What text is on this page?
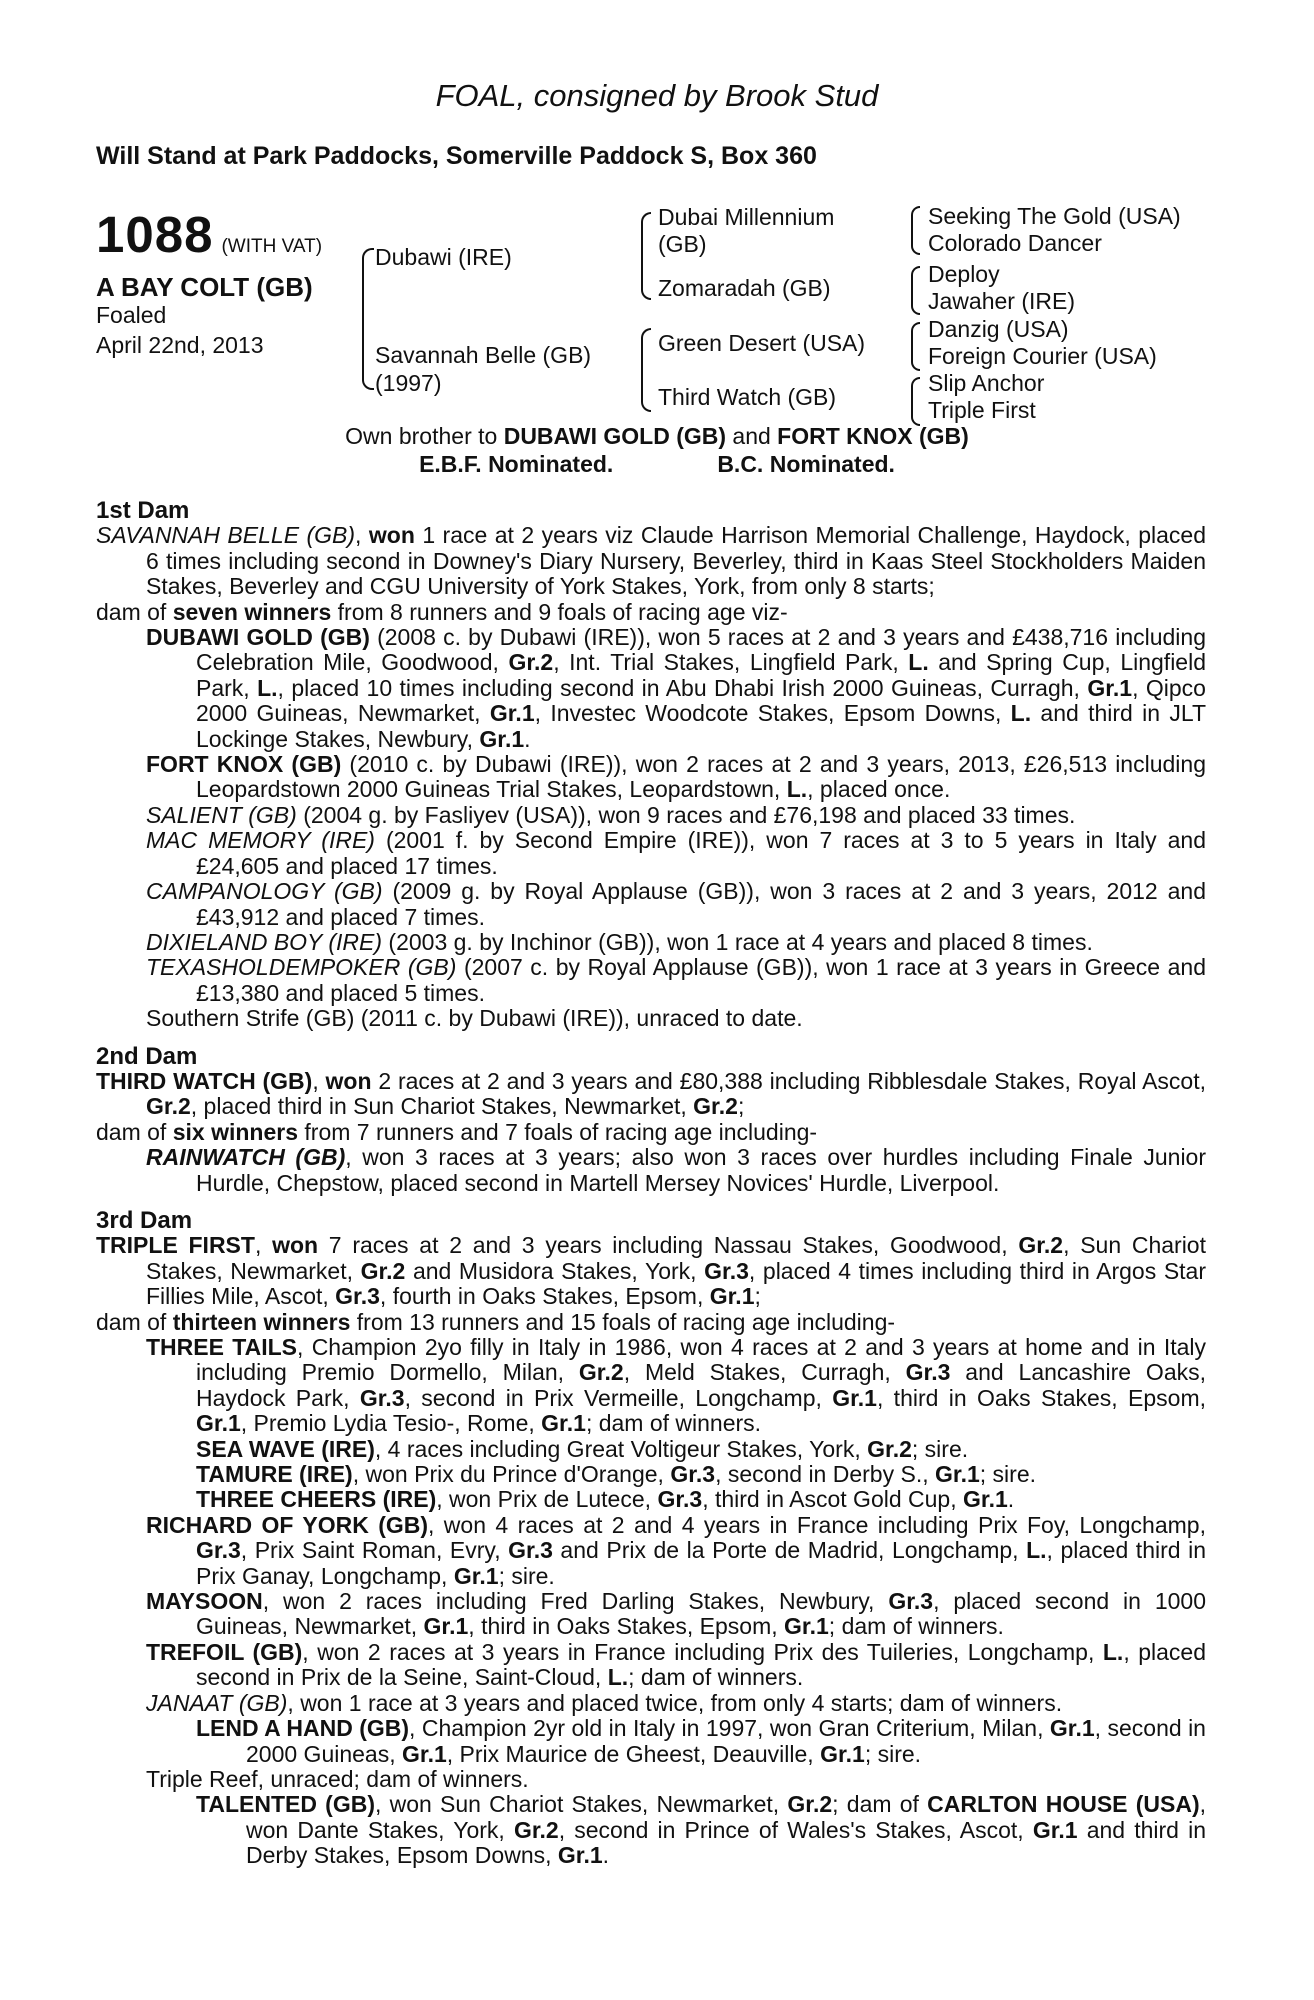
FOAL, consigned by Brook Stud
Will Stand at Park Paddocks, Somerville Paddock S, Box 360
1088 (WITH VAT)
A BAY COLT (GB)
Foaled
April 22nd, 2013
Dubawi (IRE)
Savannah Belle (GB)
(1997)
Dubai Millennium
(GB)
Zomaradah (GB)
Green Desert (USA)
Third Watch (GB)
Seeking The Gold (USA)
Colorado Dancer
Deploy
Jawaher (IRE)
Danzig (USA)
Foreign Courier (USA)
Slip Anchor
Triple First
Own brother to DUBAWI GOLD (GB) and FORT KNOX (GB)
E.B.F. Nominated.	B.C. Nominated.
1st Dam
SAVANNAH BELLE (GB), won 1 race at 2 years viz Claude Harrison Memorial Challenge, Haydock, placed 6 times including second in Downey's Diary Nursery, Beverley, third in Kaas Steel Stockholders Maiden Stakes, Beverley and CGU University of York Stakes, York, from only 8 starts;
dam of seven winners from 8 runners and 9 foals of racing age viz-
DUBAWI GOLD (GB) (2008 c. by Dubawi (IRE)), won 5 races at 2 and 3 years and £438,716 including Celebration Mile, Goodwood, Gr.2, Int. Trial Stakes, Lingfield Park, L. and Spring Cup, Lingfield Park, L., placed 10 times including second in Abu Dhabi Irish 2000 Guineas, Curragh, Gr.1, Qipco 2000 Guineas, Newmarket, Gr.1, Investec Woodcote Stakes, Epsom Downs, L. and third in JLT Lockinge Stakes, Newbury, Gr.1.
FORT KNOX (GB) (2010 c. by Dubawi (IRE)), won 2 races at 2 and 3 years, 2013, £26,513 including Leopardstown 2000 Guineas Trial Stakes, Leopardstown, L., placed once.
SALIENT (GB) (2004 g. by Fasliyev (USA)), won 9 races and £76,198 and placed 33 times.
MAC MEMORY (IRE) (2001 f. by Second Empire (IRE)), won 7 races at 3 to 5 years in Italy and £24,605 and placed 17 times.
CAMPANOLOGY (GB) (2009 g. by Royal Applause (GB)), won 3 races at 2 and 3 years, 2012 and £43,912 and placed 7 times.
DIXIELAND BOY (IRE) (2003 g. by Inchinor (GB)), won 1 race at 4 years and placed 8 times.
TEXASHOLDEMPOKER (GB) (2007 c. by Royal Applause (GB)), won 1 race at 3 years in Greece and £13,380 and placed 5 times.
Southern Strife (GB) (2011 c. by Dubawi (IRE)), unraced to date.
2nd Dam
THIRD WATCH (GB), won 2 races at 2 and 3 years and £80,388 including Ribblesdale Stakes, Royal Ascot, Gr.2, placed third in Sun Chariot Stakes, Newmarket, Gr.2;
dam of six winners from 7 runners and 7 foals of racing age including-
RAINWATCH (GB), won 3 races at 3 years; also won 3 races over hurdles including Finale Junior Hurdle, Chepstow, placed second in Martell Mersey Novices' Hurdle, Liverpool.
3rd Dam
TRIPLE FIRST, won 7 races at 2 and 3 years including Nassau Stakes, Goodwood, Gr.2, Sun Chariot Stakes, Newmarket, Gr.2 and Musidora Stakes, York, Gr.3, placed 4 times including third in Argos Star Fillies Mile, Ascot, Gr.3, fourth in Oaks Stakes, Epsom, Gr.1;
dam of thirteen winners from 13 runners and 15 foals of racing age including-
THREE TAILS, Champion 2yo filly in Italy in 1986, won 4 races at 2 and 3 years at home and in Italy including Premio Dormello, Milan, Gr.2, Meld Stakes, Curragh, Gr.3 and Lancashire Oaks, Haydock Park, Gr.3, second in Prix Vermeille, Longchamp, Gr.1, third in Oaks Stakes, Epsom, Gr.1, Premio Lydia Tesio-, Rome, Gr.1; dam of winners.
SEA WAVE (IRE), 4 races including Great Voltigeur Stakes, York, Gr.2; sire.
TAMURE (IRE), won Prix du Prince d'Orange, Gr.3, second in Derby S., Gr.1; sire.
THREE CHEERS (IRE), won Prix de Lutece, Gr.3, third in Ascot Gold Cup, Gr.1.
RICHARD OF YORK (GB), won 4 races at 2 and 4 years in France including Prix Foy, Longchamp, Gr.3, Prix Saint Roman, Evry, Gr.3 and Prix de la Porte de Madrid, Longchamp, L., placed third in Prix Ganay, Longchamp, Gr.1; sire.
MAYSOON, won 2 races including Fred Darling Stakes, Newbury, Gr.3, placed second in 1000 Guineas, Newmarket, Gr.1, third in Oaks Stakes, Epsom, Gr.1; dam of winners.
TREFOIL (GB), won 2 races at 3 years in France including Prix des Tuileries, Longchamp, L., placed second in Prix de la Seine, Saint-Cloud, L.; dam of winners.
JANAAT (GB), won 1 race at 3 years and placed twice, from only 4 starts; dam of winners.
LEND A HAND (GB), Champion 2yr old in Italy in 1997, won Gran Criterium, Milan, Gr.1, second in 2000 Guineas, Gr.1, Prix Maurice de Gheest, Deauville, Gr.1; sire.
Triple Reef, unraced; dam of winners.
TALENTED (GB), won Sun Chariot Stakes, Newmarket, Gr.2; dam of CARLTON HOUSE (USA), won Dante Stakes, York, Gr.2, second in Prince of Wales's Stakes, Ascot, Gr.1 and third in Derby Stakes, Epsom Downs, Gr.1.
